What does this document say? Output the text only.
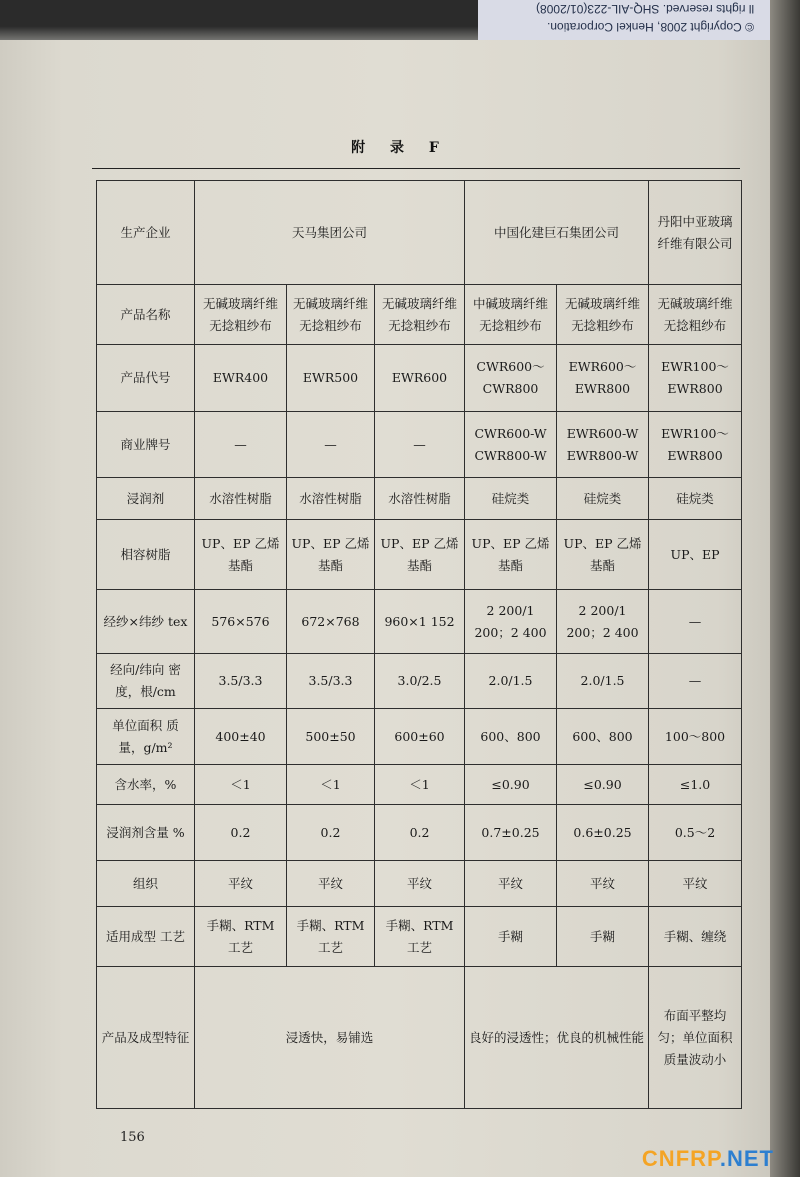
ll rights reserved. SHQ-AIL-223(01/2008)
© Copyright 2008, Henkel Corporation.
附 录 F
生产企业	天马集团公司			中国化建巨石集团公司		丹阳中亚玻璃纤维有限公司
产品名称	无碱玻璃纤维无捻粗纱布	无碱玻璃纤维无捻粗纱布	无碱玻璃纤维无捻粗纱布	中碱玻璃纤维无捻粗纱布	无碱玻璃纤维无捻粗纱布	无碱玻璃纤维无捻粗纱布
产品代号	EWR400	EWR500	EWR600	CWR600～CWR800	EWR600～EWR800	EWR100～EWR800
商业牌号	—	—	—	CWR600-W CWR800-W	EWR600-W EWR800-W	EWR100～EWR800
浸润剂	水溶性树脂	水溶性树脂	水溶性树脂	硅烷类	硅烷类	硅烷类
相容树脂	UP、EP 乙烯基酯	UP、EP 乙烯基酯	UP、EP 乙烯基酯	UP、EP 乙烯基酯	UP、EP 乙烯基酯	UP、EP
经纱×纬纱 tex	576×576	672×768	960×1 152	2 200/1 200；2 400	2 200/1 200；2 400	—
经向/纬向 密度，根/cm	3.5/3.3	3.5/3.3	3.0/2.5	2.0/1.5	2.0/1.5	—
单位面积 质量，g/m²	400±40	500±50	600±60	600、800	600、800	100～800
含水率，%	＜1	＜1	＜1	≤0.90	≤0.90	≤1.0
浸润剂含量 %	0.2	0.2	0.2	0.7±0.25	0.6±0.25	0.5～2
组织	平纹	平纹	平纹	平纹	平纹	平纹
适用成型 工艺	手糊、RTM 工艺	手糊、RTM 工艺	手糊、RTM 工艺	手糊	手糊	手糊、缠绕
产品及成型特征	浸透快，易铺选			良好的浸透性；优良的机械性能		布面平整均匀；单位面积质量波动小
156
CNFRP.NET
